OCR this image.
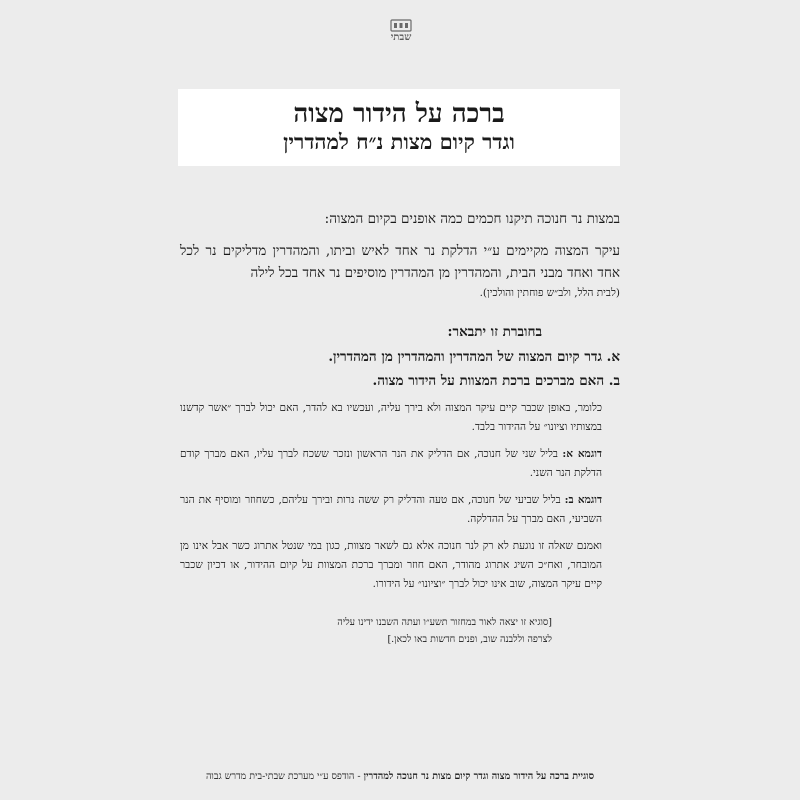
שבתי
ברכה על הידור מצוה
וגדר קיום מצות נ״ח למהדרין

במצות נר חנוכה תיקנו חכמים כמה אופנים בקיום המצוה:

עיקר המצוה מקיימים ע״י הדלקת נר אחד לאיש וביתו, והמהדרין מדליקים נר לכל אחד ואחד מבני הבית, והמהדרין מן המהדרין מוסיפים נר אחד בכל לילה

(לבית הלל, ולב״ש פוחתין והולכין).

בחוברת זו יתבאר:

א. גדר קיום המצוה של המהדרין והמהדרין מן המהדרין.

ב. האם מברכים ברכת המצוות על הידור מצוה.

כלומר, באופן שכבר קיים עיקר המצוה ולא בירך עליה, ועכשיו בא להדר, האם יכול לברך ״אשר קדשנו במצותיו וציונו״ על ההידור בלבד.

דוגמא א: בליל שני של חנוכה, אם הדליק את הנר הראשון ונזכר ששכח לברך עליו, האם מברך קודם הדלקת הנר השני.

דוגמא ב: בליל שביעי של חנוכה, אם טעה והדליק רק ששה נרות ובירך עליהם, כשחוזר ומוסיף את הנר השביעי, האם מברך על ההדלקה.

ואמנם שאלה זו נוגעת לא רק לנר חנוכה אלא גם לשאר מצוות, כגון במי שנטל אתרוג כשר אבל אינו מן המובחר, ואח״כ השיג אתרוג מהודר, האם חוזר ומברך ברכת המצוות על קיום ההידור, או דכיון שכבר קיים עיקר המצוה, שוב אינו יכול לברך ״וציונו״ על הידורו.

[סוגיא זו יצאה לאור במחזור תשע״ו ועתה השבנו ידינו עליה
לצרפה וללבנה שוב, ופנים חדשות באו לכאן.]
סוגיית ברכה על הידור מצוה וגדר קיום מצות נר חנוכה למהדרין - הודפס ע״י מערכת שבתי-בית מדרש גבוה
